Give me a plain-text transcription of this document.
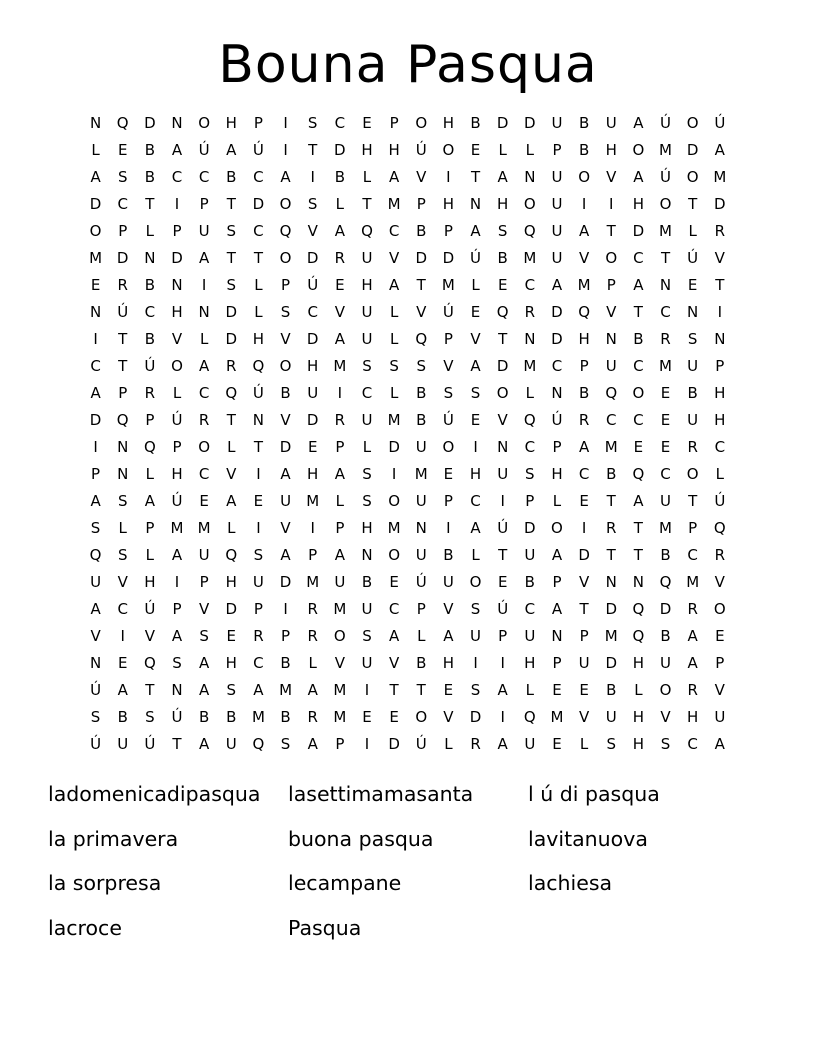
Bouna Pasqua
N	Q	D	N	O	H	P	I	S	C	E	P	O	H	B	D	D	U	B	U	A	Ú	O	Ú
L	E	B	A	Ú	A	Ú	I	T	D	H	H	Ú	O	E	L	L	P	B	H	O M D	A
A	S	B	C	C	B	C	A	I	B	L	A	V	I	T	A	N	U	O	V	A	Ú	O M
D	C	T	I	P	T	D	O	S	L	T	M	P	H	N	H	O	U	I	I	H	O	T	D
O	P	L	P	U	S	C	Q	V	A	Q	C	B	P	A	S	Q	U	A	T	D M	L	R
M D	N	D	A	T	T	O	D	R	U	V	D	D	Ú	B	M	U	V	O	C	T	Ú	V
E	R	B	N	I	S	L	P	Ú	E	H	A	T	M	L	E	C	A	M	P	A	N	E	T
N	Ú	C	H	N	D	L	S	C	V	U	L	V	Ú	E	Q	R	D	Q	V	T	C	N	I
I	T	B	V	L	D	H	V	D	A	U	L	Q	P	V	T	N	D	H	N	B	R	S	N
C	T	Ú	O	A	R	Q	O	H	M	S	S	S	V	A	D M	C	P	U	C	M	U	P
A	P	R	L	C	Q	Ú	B	U	I	C	L	B	S	S	O	L	N	B	Q	O	E	B	H
D	Q	P	Ú	R	T	N	V	D	R	U	M	B	Ú	E	V	Q	Ú	R	C	C	E	U	H
I	N	Q	P	O	L	T	D	E	P	L	D	U	O	I	N	C	P	A	M	E	E	R	C
P	N	L	H	C	V	I	A	H	A	S	I	M	E	H	U	S	H	C	B	Q	C	O	L
A	S	A	Ú	E	A	E	U	M	L	S	O	U	P	C	I	P	L	E	T	A	U	T	Ú
S	L	P	M M	L	I	V	I	P	H	M	N	I	A	Ú	D	O	I	R	T	M	P	Q
Q	S	L	A	U	Q	S	A	P	A	N	O	U	B	L	T	U	A	D	T	T	B	C	R
U	V	H	I	P	H	U	D M	U	B	E	Ú	U	O	E	B	P	V	N	N	Q M	V
A	C	Ú	P	V	D	P	I	R	M	U	C	P	V	S	Ú	C	A	T	D	Q	D	R	O
V	I	V	A	S	E	R	P	R	O	S	A	L	A	U	P	U	N	P	M Q	B	A	E
N	E	Q	S	A	H	C	B	L	V	U	V	B	H	I	I	H	P	U	D	H	U	A	P
Ú	A	T	N	A	S	A	M	A	M	I	T	T	E	S	A	L	E	E	B	L	O	R	V
S	B	S	Ú	B	B	M	B	R	M	E	E	O	V	D	I	Q M	V	U	H	V	H	U
Ú	U	Ú	T	A	U	Q	S	A	P	I	D	Ú	L	R	A	U	E	L	S	H	S	C	A
ladomenicadipasqua	lasettimamasanta	l ú di pasqua
la primavera	buona pasqua	lavitanuova
la sorpresa	lecampane	lachiesa
lacroce	Pasqua
